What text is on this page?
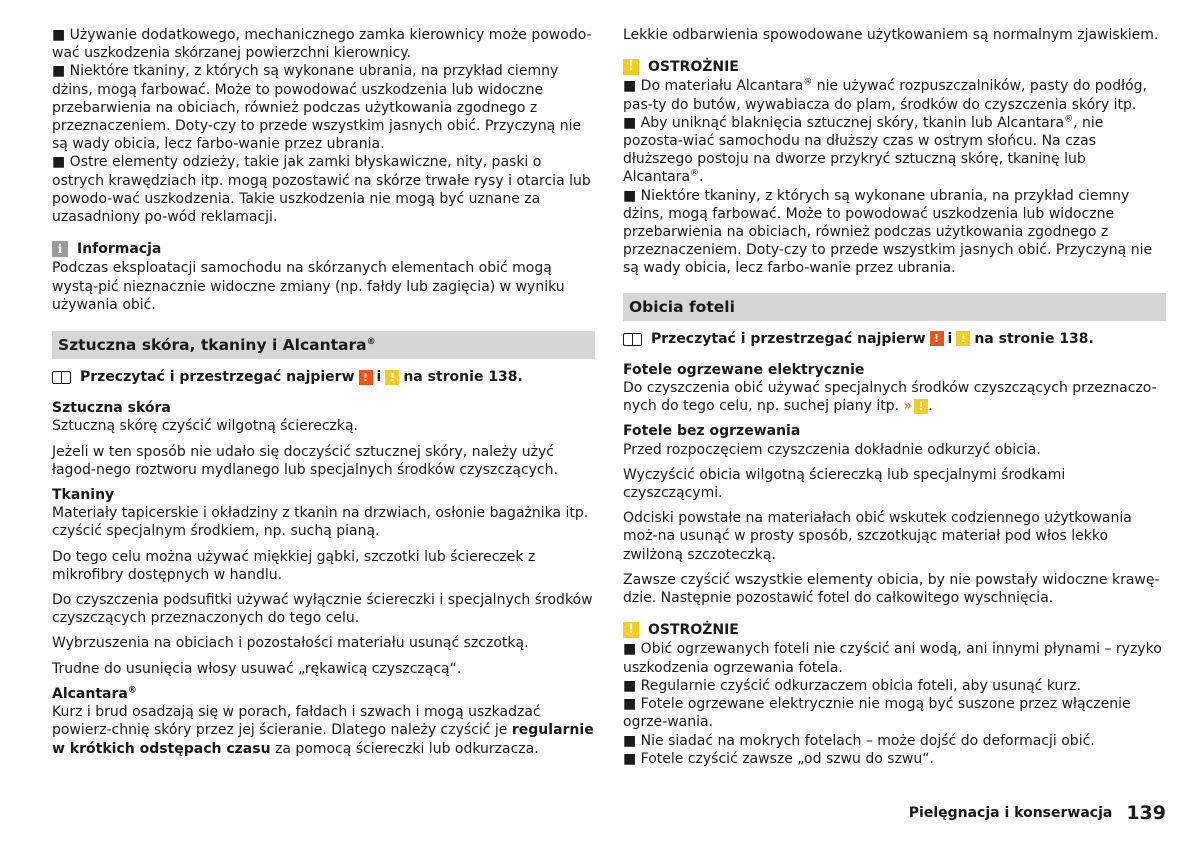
■ Używanie dodatkowego, mechanicznego zamka kierownicy może powodo-wać uszkodzenia skórzanej powierzchni kierownicy.

■ Niektóre tkaniny, z których są wykonane ubrania, na przykład ciemny dżins, mogą farbować. Może to powodować uszkodzenia lub widoczne przebarwienia na obiciach, również podczas użytkowania zgodnego z przeznaczeniem. Doty-czy to przede wszystkim jasnych obić. Przyczyną nie są wady obicia, lecz farbo-wanie przez ubrania.

■ Ostre elementy odzieży, takie jak zamki błyskawiczne, nity, paski o ostrych krawędziach itp. mogą pozostawić na skórze trwałe rysy i otarcia lub powodo-wać uszkodzenia. Takie uszkodzenia nie mogą być uznane za uzasadniony po-wód reklamacji.

i	Informacja

Podczas eksploatacji samochodu na skórzanych elementach obić mogą wystą-pić nieznacznie widoczne zmiany (np. fałdy lub zagięcia) w wyniku używania obić.

Sztuczna skóra, tkaniny i Alcantara®
Przeczytać i przestrzegać najpierw ! i ! na stronie 138.

Sztuczna skóra

Sztuczną skórę czyścić wilgotną ściereczką.

Jeżeli w ten sposób nie udało się doczyścić sztucznej skóry, należy użyć łagod-nego roztworu mydlanego lub specjalnych środków czyszczących.

Tkaniny

Materiały tapicerskie i okładziny z tkanin na drzwiach, osłonie bagażnika itp. czyścić specjalnym środkiem, np. suchą pianą.

Do tego celu można używać miękkiej gąbki, szczotki lub ściereczek z mikrofibry dostępnych w handlu.

Do czyszczenia podsufitki używać wyłącznie ściereczki i specjalnych środków czyszczących przeznaczonych do tego celu.

Wybrzuszenia na obiciach i pozostałości materiału usunąć szczotką.

Trudne do usunięcia włosy usuwać „rękawicą czyszczącą“.

Alcantara®

Kurz i brud osadzają się w porach, fałdach i szwach i mogą uszkadzać powierz-chnię skóry przez jej ścieranie. Dlatego należy czyścić je regularnie w krótkich odstępach czasu za pomocą ściereczki lub odkurzacza.

Lekkie odbarwienia spowodowane użytkowaniem są normalnym zjawiskiem.

!	OSTROŻNIE

■ Do materiału Alcantara® nie używać rozpuszczalników, pasty do podłóg, pas-ty do butów, wywabiacza do plam, środków do czyszczenia skóry itp.

■ Aby uniknąć blaknięcia sztucznej skóry, tkanin lub Alcantara®, nie pozosta-wiać samochodu na dłuższy czas w ostrym słońcu. Na czas dłuższego postoju na dworze przykryć sztuczną skórę, tkaninę lub Alcantara®.

■ Niektóre tkaniny, z których są wykonane ubrania, na przykład ciemny dżins, mogą farbować. Może to powodować uszkodzenia lub widoczne przebarwienia na obiciach, również podczas użytkowania zgodnego z przeznaczeniem. Doty-czy to przede wszystkim jasnych obić. Przyczyną nie są wady obicia, lecz farbo-wanie przez ubrania.

Obicia foteli
Przeczytać i przestrzegać najpierw ! i ! na stronie 138.

Fotele ogrzewane elektrycznie

Do czyszczenia obić używać specjalnych środków czyszczących przeznaczo-nych do tego celu, np. suchej piany itp. » ! .

Fotele bez ogrzewania

Przed rozpoczęciem czyszczenia dokładnie odkurzyć obicia.

Wyczyścić obicia wilgotną ściereczką lub specjalnymi środkami czyszczącymi.

Odciski powstałe na materiałach obić wskutek codziennego użytkowania moż-na usunąć w prosty sposób, szczotkując materiał pod włos lekko zwilżoną szczoteczką.

Zawsze czyścić wszystkie elementy obicia, by nie powstały widoczne krawę-dzie. Następnie pozostawić fotel do całkowitego wyschnięcia.

!	OSTROŻNIE

■ Obić ogrzewanych foteli nie czyścić ani wodą, ani innymi płynami – ryzyko uszkodzenia ogrzewania fotela.

■ Regularnie czyścić odkurzaczem obicia foteli, aby usunąć kurz.

■ Fotele ogrzewane elektrycznie nie mogą być suszone przez włączenie ogrze-wania.

■ Nie siadać na mokrych fotelach – może dojść do deformacji obić.

■ Fotele czyścić zawsze „od szwu do szwu“.

Pielęgnacja i konserwacja 139
